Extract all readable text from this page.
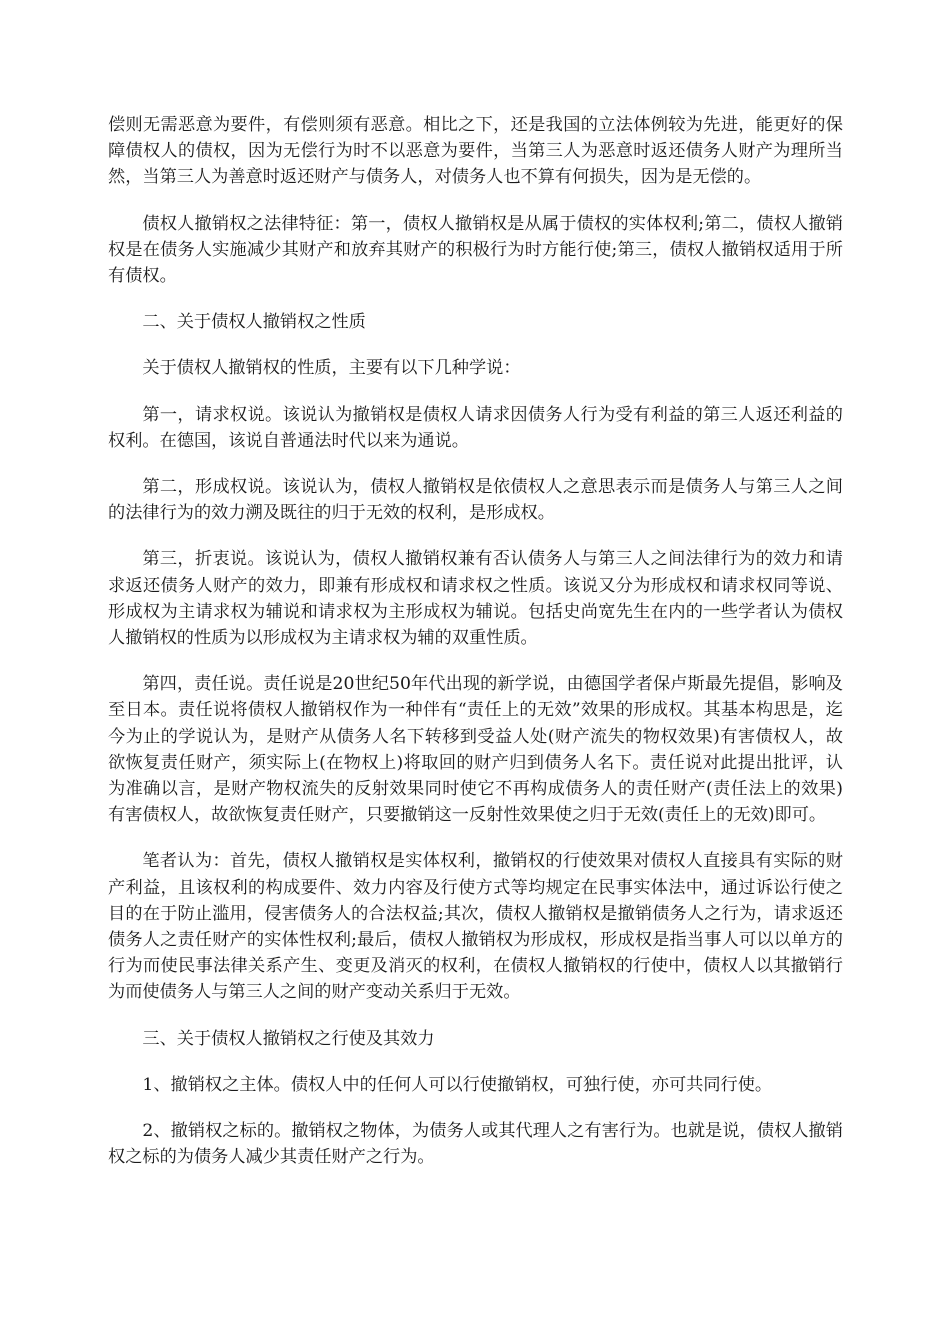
偿则无需恶意为要件，有偿则须有恶意。相比之下，还是我国的立法体例较为先进，能更好的保障债权人的债权，因为无偿行为时不以恶意为要件，当第三人为恶意时返还债务人财产为理所当然，当第三人为善意时返还财产与债务人，对债务人也不算有何损失，因为是无偿的。

债权人撤销权之法律特征：第一，债权人撤销权是从属于债权的实体权利;第二，债权人撤销权是在债务人实施减少其财产和放弃其财产的积极行为时方能行使;第三，债权人撤销权适用于所有债权。

二、关于债权人撤销权之性质

关于债权人撤销权的性质，主要有以下几种学说：

第一，请求权说。该说认为撤销权是债权人请求因债务人行为受有利益的第三人返还利益的权利。在德国，该说自普通法时代以来为通说。

第二，形成权说。该说认为，债权人撤销权是依债权人之意思表示而是债务人与第三人之间的法律行为的效力溯及既往的归于无效的权利，是形成权。

第三，折衷说。该说认为，债权人撤销权兼有否认债务人与第三人之间法律行为的效力和请求返还债务人财产的效力，即兼有形成权和请求权之性质。该说又分为形成权和请求权同等说、形成权为主请求权为辅说和请求权为主形成权为辅说。包括史尚宽先生在内的一些学者认为债权人撤销权的性质为以形成权为主请求权为辅的双重性质。

第四，责任说。责任说是20世纪50年代出现的新学说，由德国学者保卢斯最先提倡，影响及至日本。责任说将债权人撤销权作为一种伴有“责任上的无效”效果的形成权。其基本构思是，迄今为止的学说认为，是财产从债务人名下转移到受益人处(财产流失的物权效果)有害债权人，故欲恢复责任财产，须实际上(在物权上)将取回的财产归到债务人名下。责任说对此提出批评，认为准确以言，是财产物权流失的反射效果同时使它不再构成债务人的责任财产(责任法上的效果)有害债权人，故欲恢复责任财产，只要撤销这一反射性效果使之归于无效(责任上的无效)即可。

笔者认为：首先，债权人撤销权是实体权利，撤销权的行使效果对债权人直接具有实际的财产利益，且该权利的构成要件、效力内容及行使方式等均规定在民事实体法中，通过诉讼行使之目的在于防止滥用，侵害债务人的合法权益;其次，债权人撤销权是撤销债务人之行为，请求返还债务人之责任财产的实体性权利;最后，债权人撤销权为形成权，形成权是指当事人可以以单方的行为而使民事法律关系产生、变更及消灭的权利，在债权人撤销权的行使中，债权人以其撤销行为而使债务人与第三人之间的财产变动关系归于无效。

三、关于债权人撤销权之行使及其效力

1、撤销权之主体。债权人中的任何人可以行使撤销权，可独行使，亦可共同行使。

2、撤销权之标的。撤销权之物体，为债务人或其代理人之有害行为。也就是说，债权人撤销权之标的为债务人减少其责任财产之行为。
